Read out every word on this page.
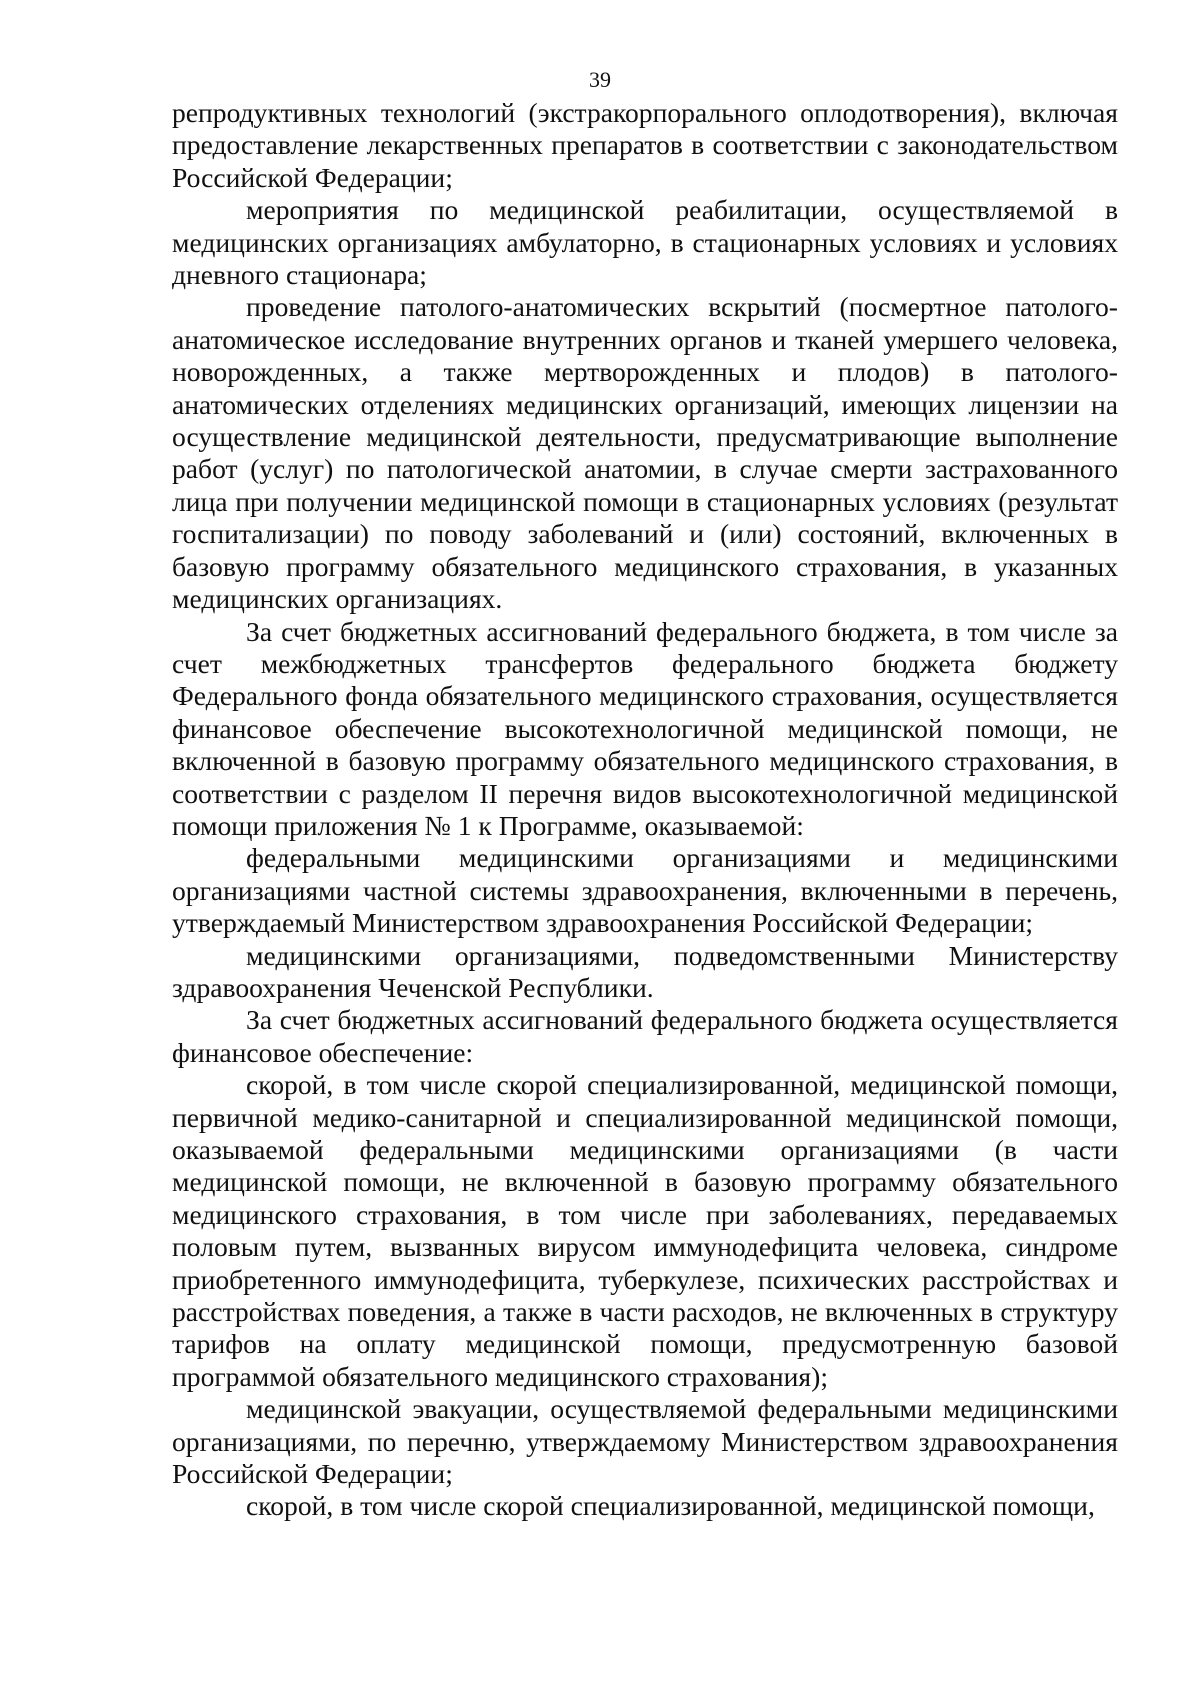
39

репродуктивных технологий (экстракорпорального оплодотворения), включая предоставление лекарственных препаратов в соответствии с законодательством Российской Федерации;

мероприятия по медицинской реабилитации, осуществляемой в медицинских организациях амбулаторно, в стационарных условиях и условиях дневного стационара;

проведение патолого-анатомических вскрытий (посмертное патолого-анатомическое исследование внутренних органов и тканей умершего человека, новорожденных, а также мертворожденных и плодов) в патолого-анатомических отделениях медицинских организаций, имеющих лицензии на осуществление медицинской деятельности, предусматривающие выполнение работ (услуг) по патологической анатомии, в случае смерти застрахованного лица при получении медицинской помощи в стационарных условиях (результат госпитализации) по поводу заболеваний и (или) состояний, включенных в базовую программу обязательного медицинского страхования, в указанных медицинских организациях.

За счет бюджетных ассигнований федерального бюджета, в том числе за счет межбюджетных трансфертов федерального бюджета бюджету Федерального фонда обязательного медицинского страхования, осуществляется финансовое обеспечение высокотехнологичной медицинской помощи, не включенной в базовую программу обязательного медицинского страхования, в соответствии с разделом II перечня видов высокотехнологичной медицинской помощи приложения № 1 к Программе, оказываемой:

федеральными медицинскими организациями и медицинскими организациями частной системы здравоохранения, включенными в перечень, утверждаемый Министерством здравоохранения Российской Федерации;

медицинскими организациями, подведомственными Министерству здравоохранения Чеченской Республики.

За счет бюджетных ассигнований федерального бюджета осуществляется финансовое обеспечение:

скорой, в том числе скорой специализированной, медицинской помощи, первичной медико-санитарной и специализированной медицинской помощи, оказываемой федеральными медицинскими организациями (в части медицинской помощи, не включенной в базовую программу обязательного медицинского страхования, в том числе при заболеваниях, передаваемых половым путем, вызванных вирусом иммунодефицита человека, синдроме приобретенного иммунодефицита, туберкулезе, психических расстройствах и расстройствах поведения, а также в части расходов, не включенных в структуру тарифов на оплату медицинской помощи, предусмотренную базовой программой обязательного медицинского страхования);

медицинской эвакуации, осуществляемой федеральными медицинскими организациями, по перечню, утверждаемому Министерством здравоохранения Российской Федерации;

скорой, в том числе скорой специализированной, медицинской помощи,
